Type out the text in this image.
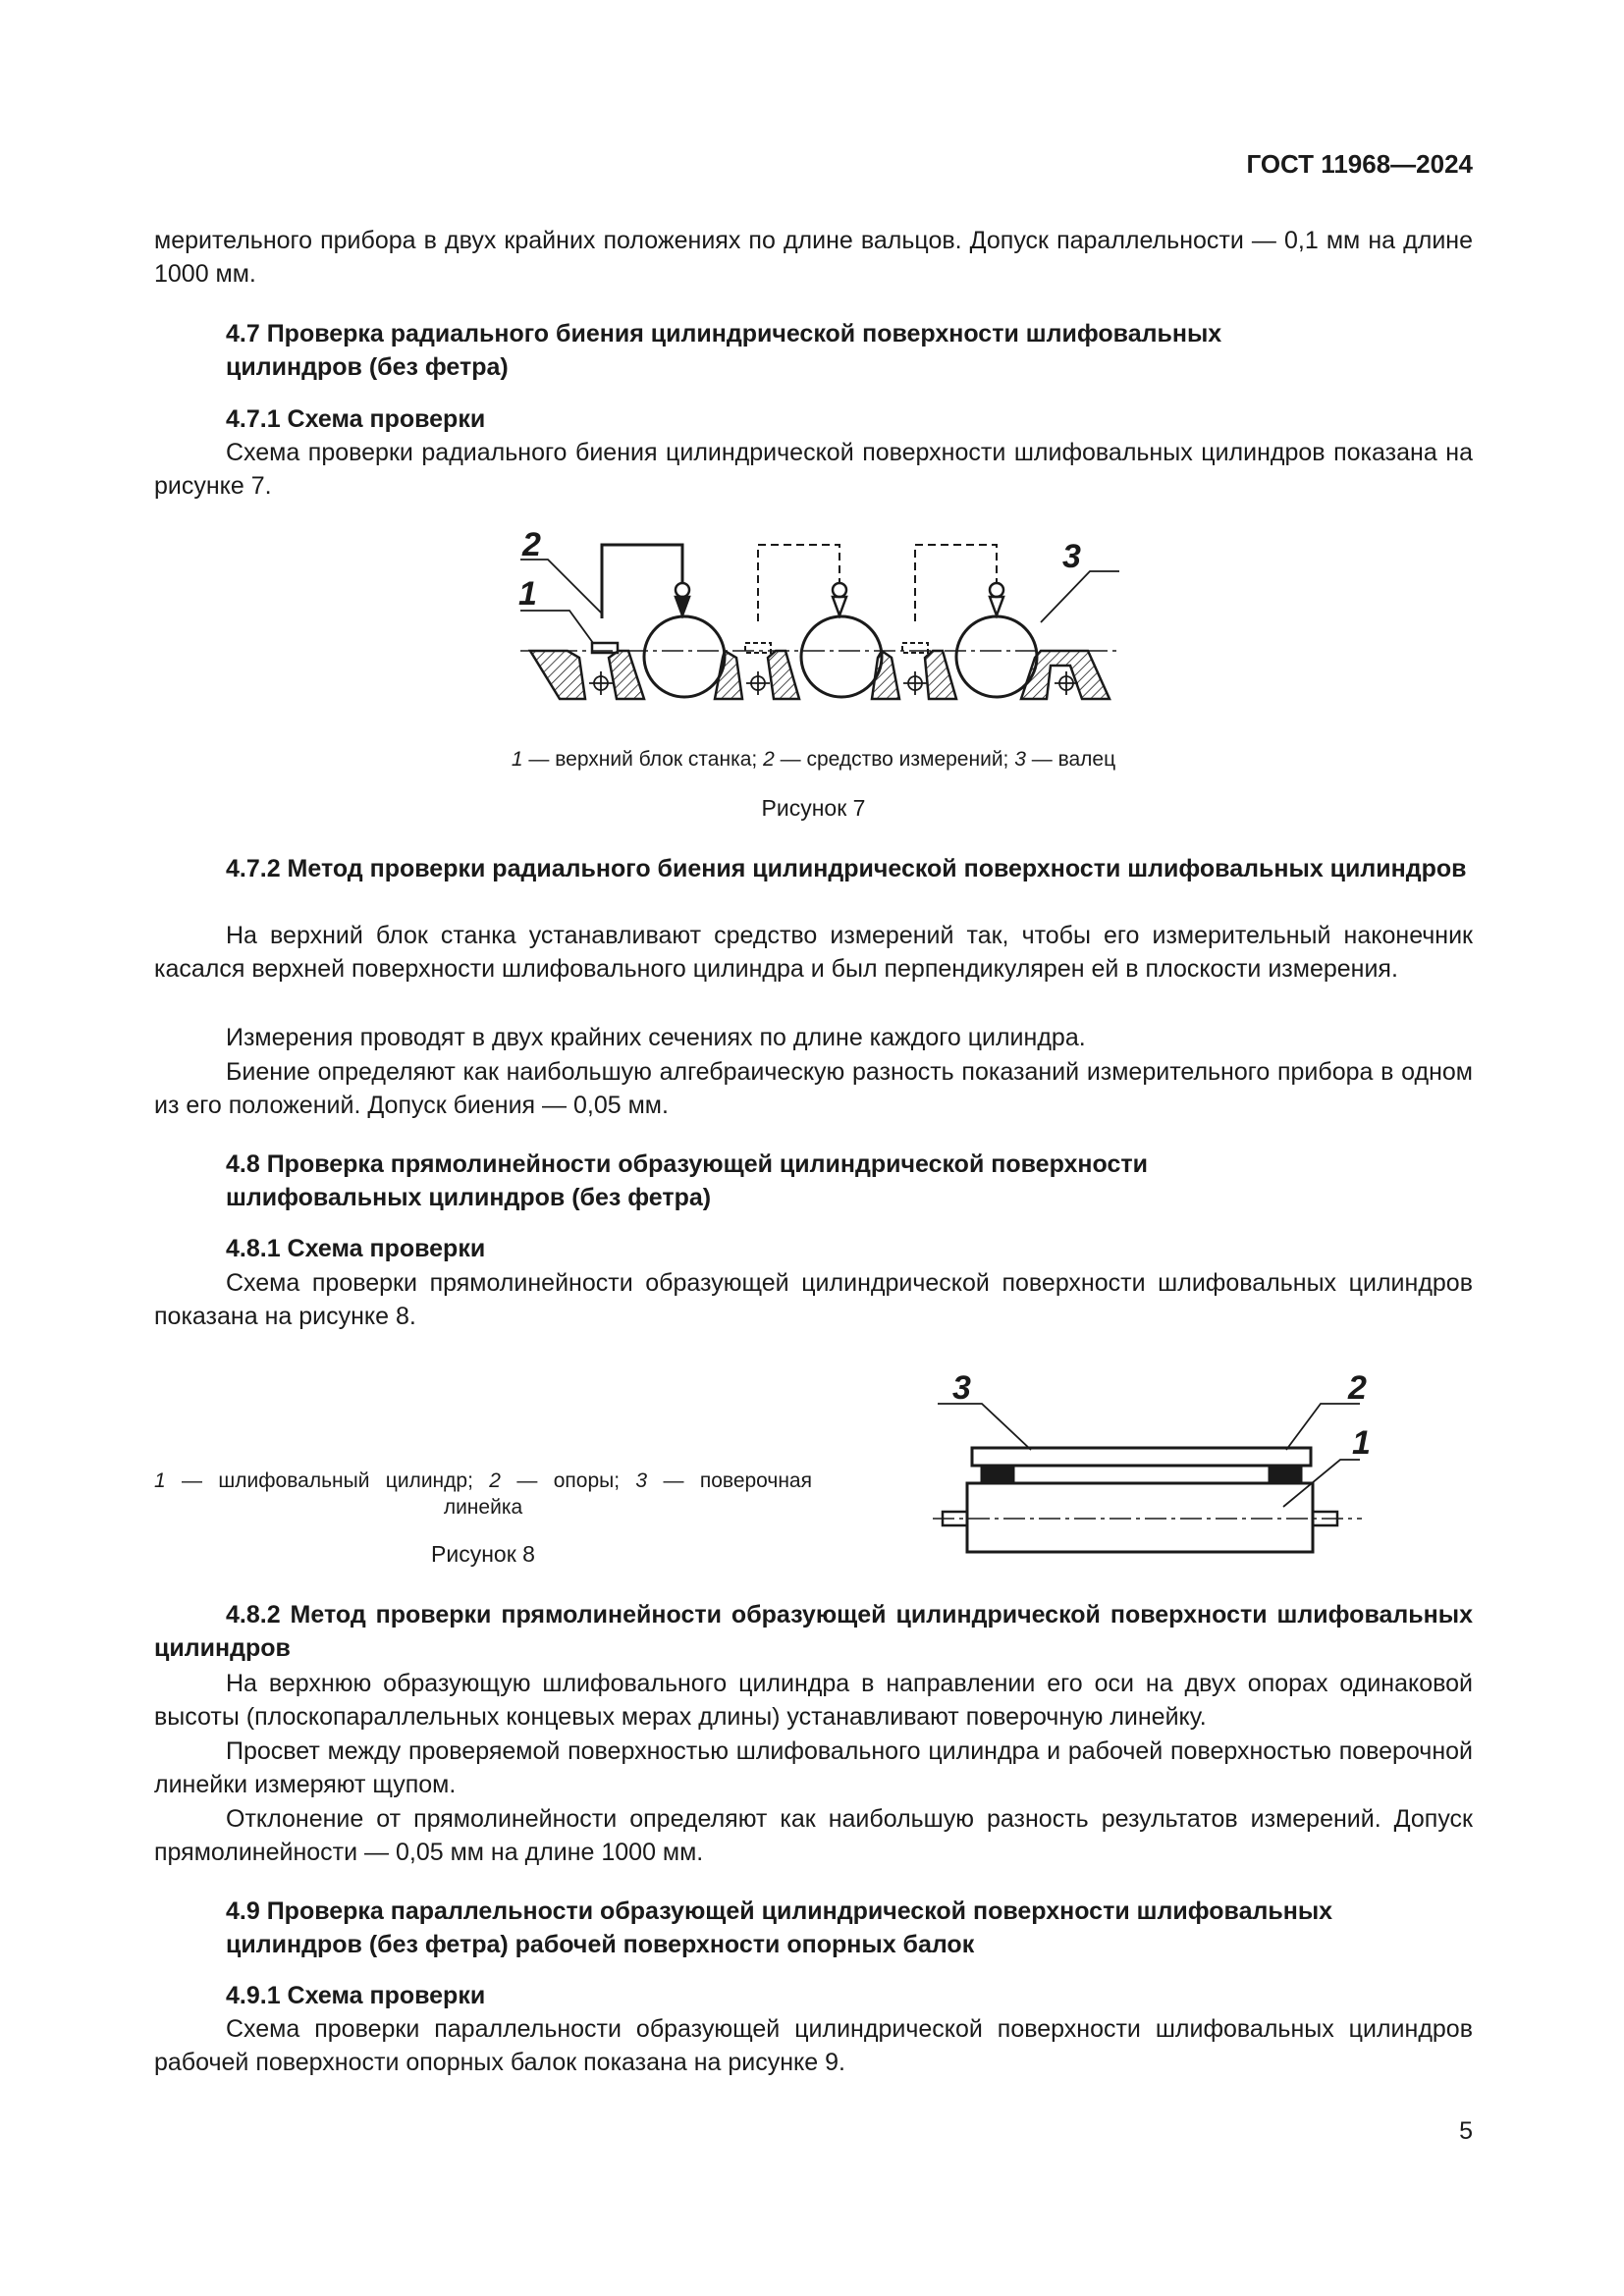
ГОСТ 11968—2024

мерительного прибора в двух крайних положениях по длине вальцов. Допуск параллельности — 0,1 мм на длине 1000 мм.

4.7 Проверка радиального биения цилиндрической поверхности шлифовальных
цилиндров (без фетра)
4.7.1 Схема проверки

Схема проверки радиального биения цилиндрической поверхности шлифовальных цилиндров показана на рисунке 7.

2
1
3
1 — верхний блок станка; 2 — средство измерений; 3 — валец
Рисунок 7
4.7.2 Метод проверки радиального биения цилиндрической поверхности шлифовальных цилиндров

На верхний блок станка устанавливают средство измерений так, чтобы его измерительный наконечник касался верхней поверхности шлифовального цилиндра и был перпендикулярен ей в плоскости измерения.

Измерения проводят в двух крайних сечениях по длине каждого цилиндра.

Биение определяют как наибольшую алгебраическую разность показаний измерительного прибора в одном из его положений. Допуск биения — 0,05 мм.

4.8 Проверка прямолинейности образующей цилиндрической поверхности
шлифовальных цилиндров (без фетра)
4.8.1 Схема проверки

Схема проверки прямолинейности образующей цилиндрической поверхности шлифовальных цилиндров показана на рисунке 8.

1 — шлифовальный цилиндр; 2 — опоры; 3 — поверочная
линейка
Рисунок 8
3	2
1
4.8.2 Метод проверки прямолинейности образующей цилиндрической поверхности шлифовальных цилиндров

На верхнюю образующую шлифовального цилиндра в направлении его оси на двух опорах одинаковой высоты (плоскопараллельных концевых мерах длины) устанавливают поверочную линейку.

Просвет между проверяемой поверхностью шлифовального цилиндра и рабочей поверхностью поверочной линейки измеряют щупом.

Отклонение от прямолинейности определяют как наибольшую разность результатов измерений. Допуск прямолинейности — 0,05 мм на длине 1000 мм.

4.9 Проверка параллельности образующей цилиндрической поверхности шлифовальных
цилиндров (без фетра) рабочей поверхности опорных балок
4.9.1 Схема проверки

Схема проверки параллельности образующей цилиндрической поверхности шлифовальных цилиндров рабочей поверхности опорных балок показана на рисунке 9.

5
